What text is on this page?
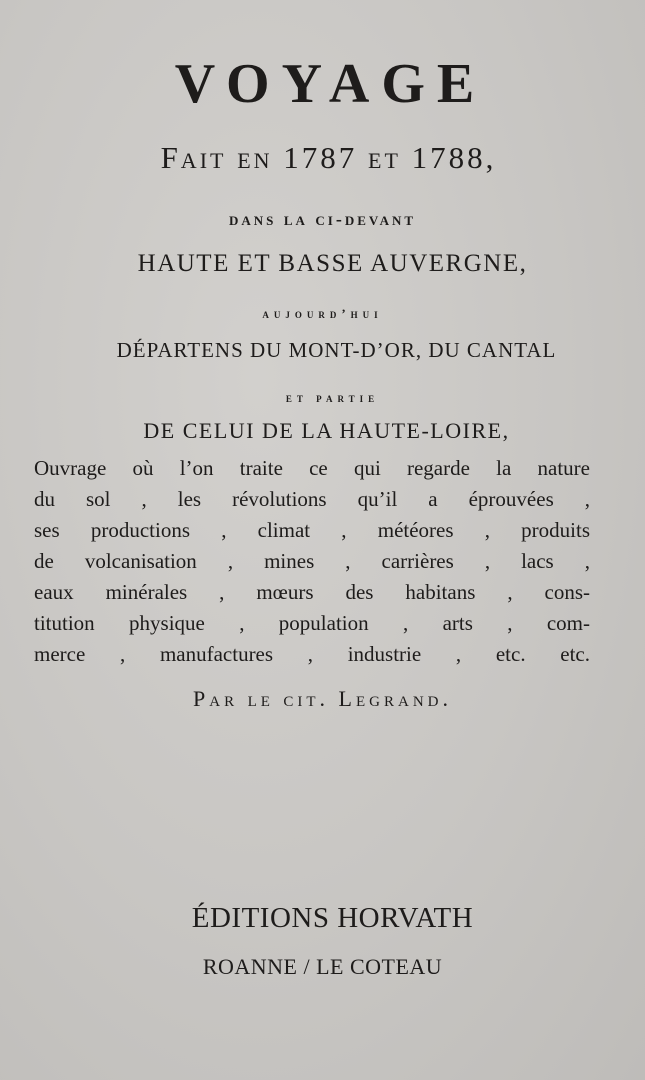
VOYAGE
Fait en 1787 et 1788,
dans la ci-devant
HAUTE ET BASSE AUVERGNE,
aujourd’hui
DÉPARTENS DU MONT-D’OR, DU CANTAL
et partie
DE CELUI DE LA HAUTE-LOIRE,
Ouvrage où l’on traite ce qui regarde la nature
du sol , les révolutions qu’il a éprouvées ,
ses productions , climat , météores , produits
de volcanisation , mines , carrières , lacs ,
eaux minérales , mœurs des habitans , cons-
titution physique , population , arts , com-
merce , manufactures , industrie , etc. etc.
Par le cit. Legrand.
ÉDITIONS HORVATH
ROANNE / LE COTEAU
